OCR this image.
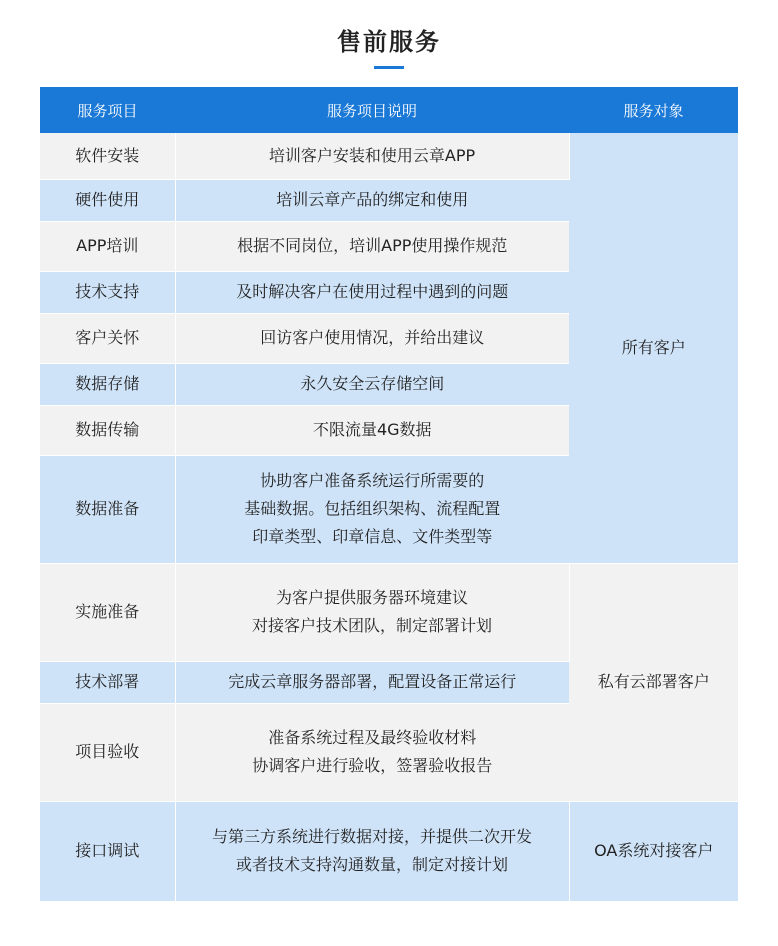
售前服务
服务项目	服务项目说明	服务对象
软件安装	培训客户安装和使用云章APP	所有客户
硬件使用	培训云章产品的绑定和使用	

APP培训	根据不同岗位，培训APP使用操作规范	

技术支持	及时解决客户在使用过程中遇到的问题	

客户关怀	回访客户使用情况，并给出建议	

数据存储	永久安全云存储空间	

数据传输	不限流量4G数据	

数据准备	协助客户准备系统运行所需要的
基础数据。包括组织架构、流程配置
印章类型、印章信息、文件类型等	

实施准备	为客户提供服务器环境建议
对接客户技术团队，制定部署计划	私有云部署客户
技术部署	完成云章服务器部署，配置设备正常运行	

项目验收	准备系统过程及最终验收材料
协调客户进行验收，签署验收报告	

接口调试	与第三方系统进行数据对接，并提供二次开发
或者技术支持沟通数量，制定对接计划	OA系统对接客户
